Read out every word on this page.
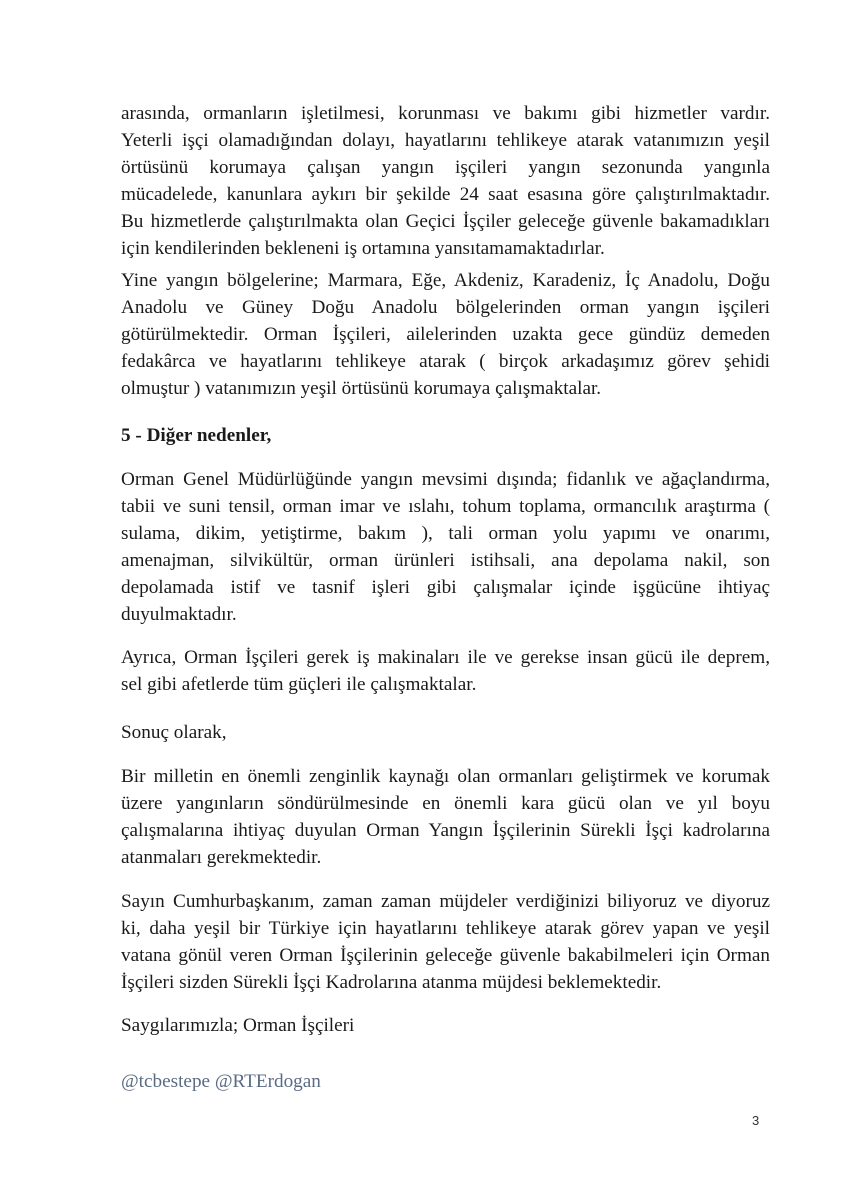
arasında, ormanların işletilmesi, korunması ve bakımı gibi hizmetler vardır.
Yeterli işçi olamadığından dolayı, hayatlarını tehlikeye atarak vatanımızın yeşil
örtüsünü korumaya çalışan yangın işçileri yangın sezonunda yangınla
mücadelede, kanunlara aykırı bir şekilde 24 saat esasına göre çalıştırılmaktadır.
Bu hizmetlerde çalıştırılmakta olan Geçici İşçiler geleceğe güvenle bakamadıkları
için kendilerinden bekleneni iş ortamına yansıtamamaktadırlar.

Yine yangın bölgelerine; Marmara, Eğe, Akdeniz, Karadeniz, İç Anadolu, Doğu
Anadolu ve Güney Doğu Anadolu bölgelerinden orman yangın işçileri
götürülmektedir. Orman İşçileri, ailelerinden uzakta gece gündüz demeden
fedakârca ve hayatlarını tehlikeye atarak ( birçok arkadaşımız görev şehidi
olmuştur ) vatanımızın yeşil örtüsünü korumaya çalışmaktalar.

5 - Diğer nedenler,

Orman Genel Müdürlüğünde yangın mevsimi dışında; fidanlık ve ağaçlandırma,
tabii ve suni tensil, orman imar ve ıslahı, tohum toplama, ormancılık araştırma (
sulama, dikim, yetiştirme, bakım ), tali orman yolu yapımı ve onarımı,
amenajman, silvikültür, orman ürünleri istihsali, ana depolama nakil, son
depolamada istif ve tasnif işleri gibi çalışmalar içinde işgücüne ihtiyaç
duyulmaktadır.

Ayrıca, Orman İşçileri gerek iş makinaları ile ve gerekse insan gücü ile deprem,
sel gibi afetlerde tüm güçleri ile çalışmaktalar.

Sonuç olarak,

Bir milletin en önemli zenginlik kaynağı olan ormanları geliştirmek ve korumak
üzere yangınların söndürülmesinde en önemli kara gücü olan ve yıl boyu
çalışmalarına ihtiyaç duyulan Orman Yangın İşçilerinin Sürekli İşçi kadrolarına
atanmaları gerekmektedir.

Sayın Cumhurbaşkanım, zaman zaman müjdeler verdiğinizi biliyoruz ve diyoruz
ki, daha yeşil bir Türkiye için hayatlarını tehlikeye atarak görev yapan ve yeşil
vatana gönül veren Orman İşçilerinin geleceğe güvenle bakabilmeleri için Orman
İşçileri sizden Sürekli İşçi Kadrolarına atanma müjdesi beklemektedir.

Saygılarımızla; Orman İşçileri

@tcbestepe @RTErdogan

3
